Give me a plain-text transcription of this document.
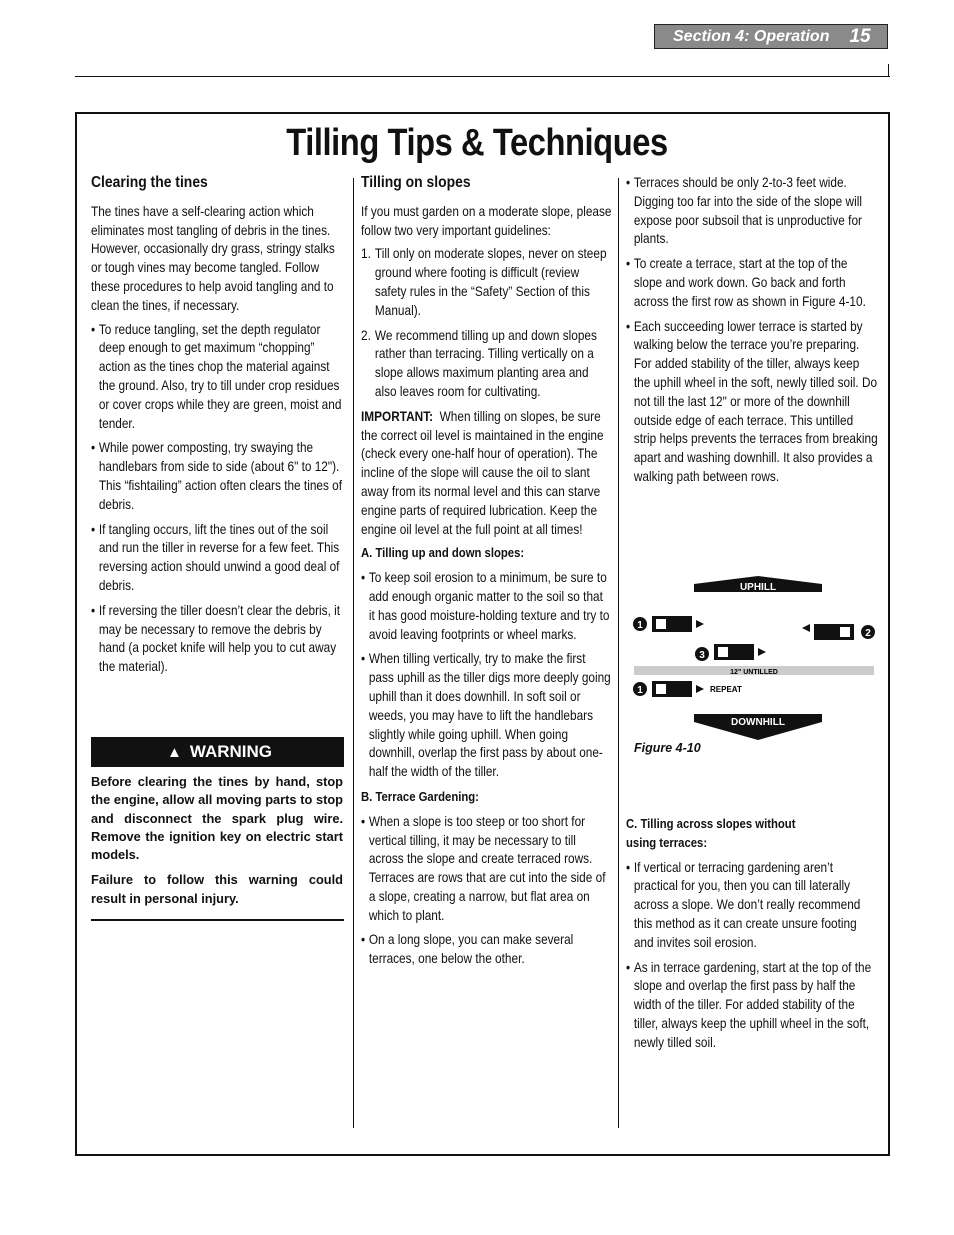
Section 4: Operation 15
Tilling Tips & Techniques
Clearing the tines

The tines have a self-clearing action which eliminates most tangling of debris in the tines. However, occasionally dry grass, stringy stalks or tough vines may become tangled. Follow these procedures to help avoid tangling and to clean the tines, if necessary.

• To reduce tangling, set the depth regulator deep enough to get maximum “chopping” action as the tines chop the material against the ground. Also, try to till under crop residues or cover crops while they are green, moist and tender.
• While power composting, try swaying the handlebars from side to side (about 6" to 12"). This “fishtailing” action often clears the tines of debris.
• If tangling occurs, lift the tines out of the soil and run the tiller in reverse for a few feet. This reversing action should unwind a good deal of debris.
• If reversing the tiller doesn’t clear the debris, it may be necessary to remove the debris by hand (a pocket knife will help you to cut away the material).
▲ WARNING

Before clearing the tines by hand, stop the engine, allow all moving parts to stop and disconnect the spark plug wire. Remove the ignition key on electric start models.

Failure to follow this warning could result in personal injury.

Tilling on slopes

If you must garden on a moderate slope, please follow two very important guidelines:

1. Till only on moderate slopes, never on steep ground where footing is difficult (review safety rules in the “Safety” Section of this Manual).
2. We recommend tilling up and down slopes rather than terracing. Tilling vertically on a slope allows maximum planting area and also leaves room for cultivating.

IMPORTANT: When tilling on slopes, be sure the correct oil level is maintained in the engine (check every one-half hour of operation). The incline of the slope will cause the oil to slant away from its normal level and this can starve engine parts of required lubrication. Keep the engine oil level at the full point at all times!

A. Tilling up and down slopes:
• To keep soil erosion to a minimum, be sure to add enough organic matter to the soil so that it has good moisture-holding texture and try to avoid leaving footprints or wheel marks.
• When tilling vertically, try to make the first pass uphill as the tiller digs more deeply going uphill than it does downhill. In soft soil or weeds, you may have to lift the handlebars slightly while going uphill. When going downhill, overlap the first pass by about one-half the width of the tiller.
B. Terrace Gardening:
• When a slope is too steep or too short for vertical tilling, it may be necessary to till across the slope and create terraced rows. Terraces are rows that are cut into the side of a slope, creating a narrow, but flat area on which to plant.
• On a long slope, you can make several terraces, one below the other.
• Terraces should be only 2-to-3 feet wide. Digging too far into the side of the slope will expose poor subsoil that is unproductive for plants.
• To create a terrace, start at the top of the slope and work down. Go back and forth across the first row as shown in Figure 4-10.
• Each succeeding lower terrace is started by walking below the terrace you’re preparing. For added stability of the tiller, always keep the uphill wheel in the soft, newly tilled soil. Do not till the last 12" or more of the downhill outside edge of each terrace. This untilled strip helps prevents the terraces from breaking apart and washing downhill. It also provides a walking path between rows.
UPHILL
1
2
3
12" UNTILLED
1	REPEAT
DOWNHILL
Figure 4-10
C. Tilling across slopes without
using terraces:
• If vertical or terracing gardening aren’t practical for you, then you can till laterally across a slope. We don’t really recommend this method as it can create unsure footing and invites soil erosion.
• As in terrace gardening, start at the top of the slope and overlap the first pass by half the width of the tiller. For added stability of the tiller, always keep the uphill wheel in the soft, newly tilled soil.
